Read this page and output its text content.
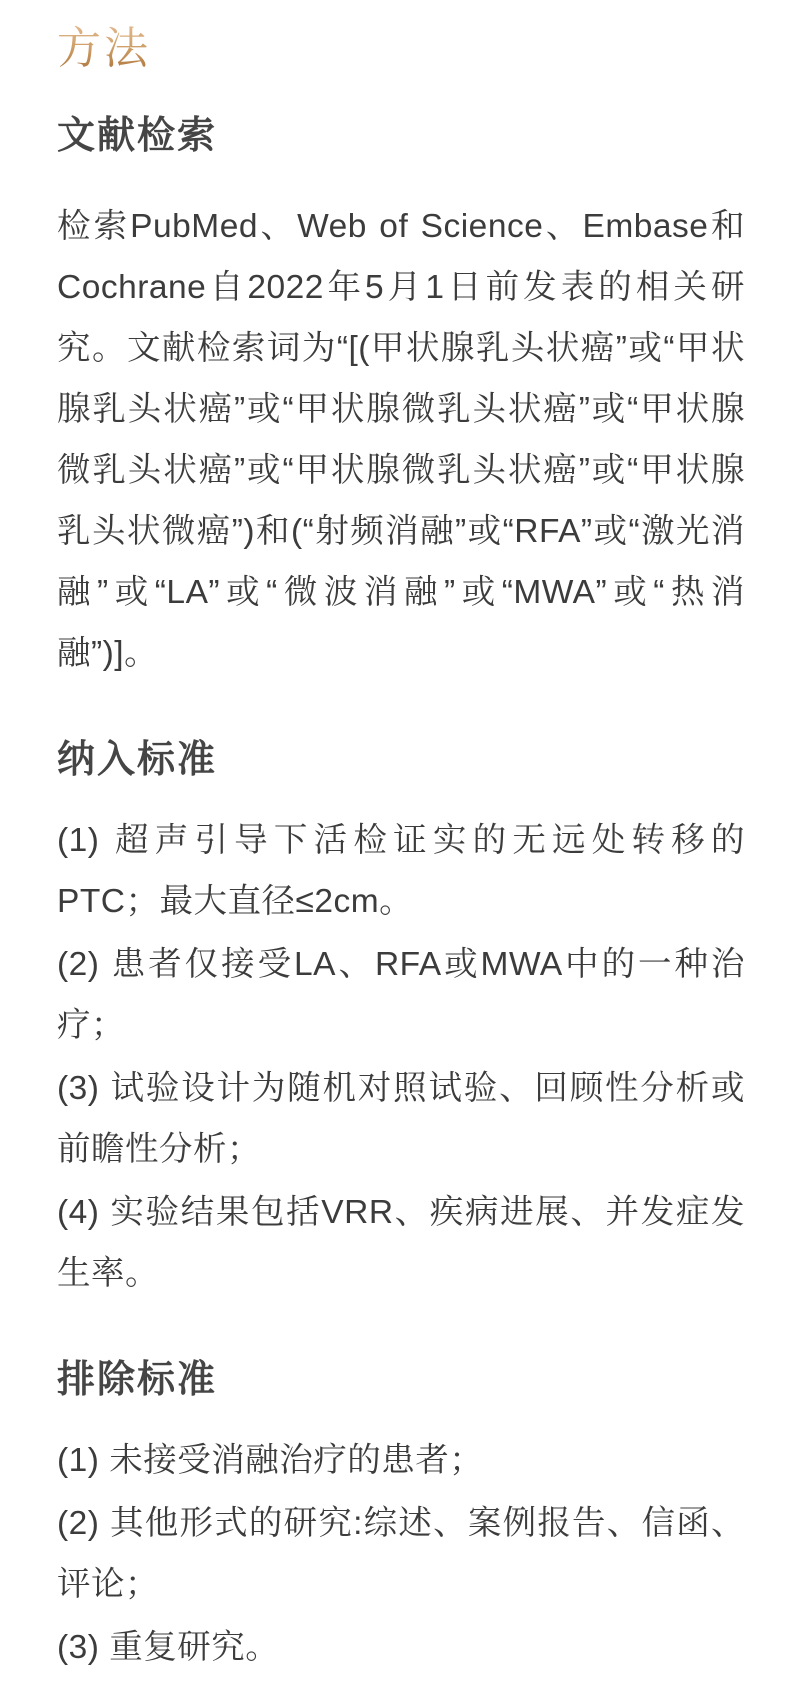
方法
文献检索

检索PubMed、Web of Science、Embase和Cochrane自2022年5月1日前发表的相关研究。文献检索词为“[(甲状腺乳头状癌”或“甲状腺乳头状癌”或“甲状腺微乳头状癌”或“甲状腺微乳头状癌”或“甲状腺微乳头状癌”或“甲状腺乳头状微癌”)和(“射频消融”或“RFA”或“激光消融”或“LA”或“微波消融”或“MWA”或“热消融”)]。

纳入标准

(1) 超声引导下活检证实的无远处转移的PTC；最大直径≤2cm。

(2) 患者仅接受LA、RFA或MWA中的一种治疗；

(3) 试验设计为随机对照试验、回顾性分析或前瞻性分析；

(4) 实验结果包括VRR、疾病进展、并发症发生率。

排除标准

(1) 未接受消融治疗的患者；

(2) 其他形式的研究:综述、案例报告、信函、评论；

(3) 重复研究。
